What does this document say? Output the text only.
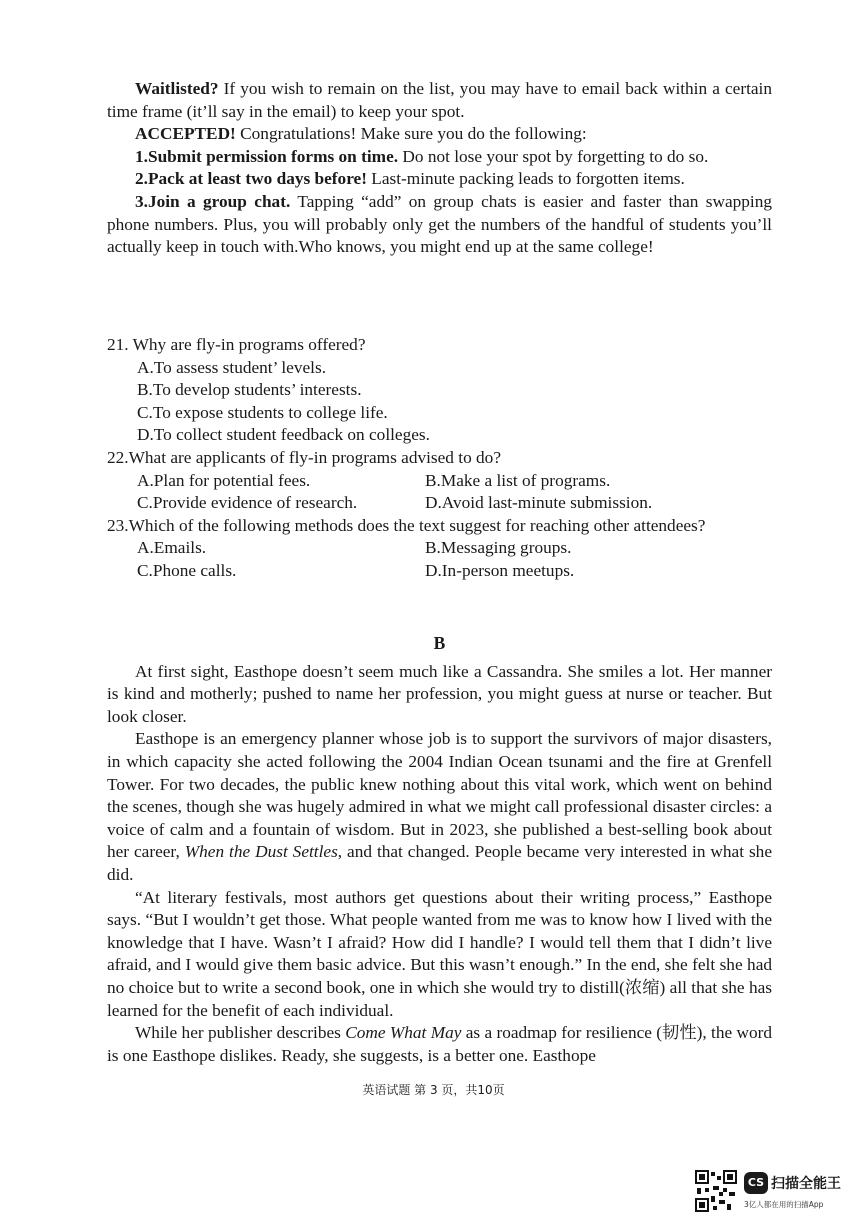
Waitlisted? If you wish to remain on the list, you may have to email back within a certain time frame (it’ll say in the email) to keep your spot.

ACCEPTED! Congratulations! Make sure you do the following:

1.Submit permission forms on time. Do not lose your spot by forgetting to do so.

2.Pack at least two days before! Last-minute packing leads to forgotten items.

3.Join a group chat. Tapping “add” on group chats is easier and faster than swapping phone numbers. Plus, you will probably only get the numbers of the handful of students you’ll actually keep in touch with.Who knows, you might end up at the same college!

21. Why are fly-in programs offered?

A.To assess student’ levels.

B.To develop students’ interests.

C.To expose students to college life.

D.To collect student feedback on colleges.

22.What are applicants of fly-in programs advised to do?

A.Plan for potential fees.	B.Make a list of programs.
C.Provide evidence of research.	D.Avoid last-minute submission.

23.Which of the following methods does the text suggest for reaching other attendees?

A.Emails.	B.Messaging groups.
C.Phone calls.	D.In-person meetups.

B

At first sight, Easthope doesn’t seem much like a Cassandra. She smiles a lot. Her manner is kind and motherly; pushed to name her profession, you might guess at nurse or teacher. But look closer.

Easthope is an emergency planner whose job is to support the survivors of major disasters, in which capacity she acted following the 2004 Indian Ocean tsunami and the fire at Grenfell Tower. For two decades, the public knew nothing about this vital work, which went on behind the scenes, though she was hugely admired in what we might call professional disaster circles: a voice of calm and a fountain of wisdom. But in 2023, she published a best-selling book about her career, When the Dust Settles, and that changed. People became very interested in what she did.

“At literary festivals, most authors get questions about their writing process,” Easthope says. “But I wouldn’t get those. What people wanted from me was to know how I lived with the knowledge that I have. Wasn’t I afraid? How did I handle? I would tell them that I didn’t live afraid, and I would give them basic advice. But this wasn’t enough.” In the end, she felt she had no choice but to write a second book, one in which she would try to distill(浓缩) all that she has learned for the benefit of each individual.

While her publisher describes Come What May as a roadmap for resilience (韧性), the word is one Easthope dislikes. Ready, she suggests, is a better one. Easthope

英语试题 第 3 页，共10页
CS 扫描全能王
3亿人都在用的扫描App
